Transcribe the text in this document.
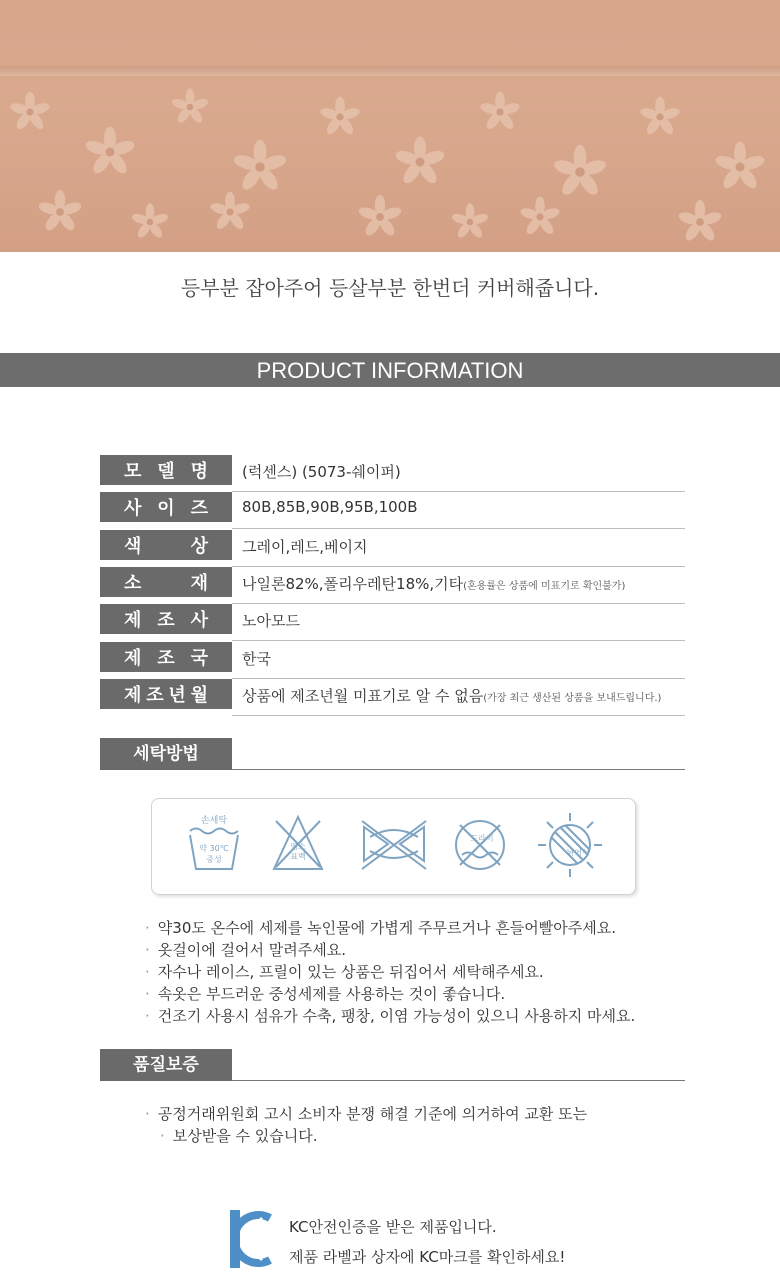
등부분 잡아주어 등살부분 한번더 커버해줍니다.
PRODUCT INFORMATION
모 델 명 (럭센스) (5073-쉐이퍼)
사 이 즈 80B,85B,90B,95B,100B
색	상 그레이,레드,베이지
소	재 나일론82%,폴리우레탄18%,기타(혼용률은 상품에 미표기로 확인불가)
제 조 사 노아모드
제 조 국 한국
제 조 년 월 상품에 제조년월 미표기로 알 수 없음(가장 최근 생산된 상품을 보내드립니다.)
세탁방법
손세탁
약 30℃
중성
염소
표백
드라이
뉘어서
· 약30도 온수에 세제를 녹인물에 가볍게 주무르거나 흔들어빨아주세요.
· 옷걸이에 걸어서 말려주세요.
· 자수나 레이스, 프릴이 있는 상품은 뒤집어서 세탁해주세요.
· 속옷은 부드러운 중성세제를 사용하는 것이 좋습니다.
· 건조기 사용시 섬유가 수축, 팽창, 이염 가능성이 있으니 사용하지 마세요.
품질보증
· 공정거래위원회 고시 소비자 분쟁 해결 기준에 의거하여 교환 또는
· 보상받을 수 있습니다.
KC안전인증을 받은 제품입니다.
제품 라벨과 상자에 KC마크를 확인하세요!
